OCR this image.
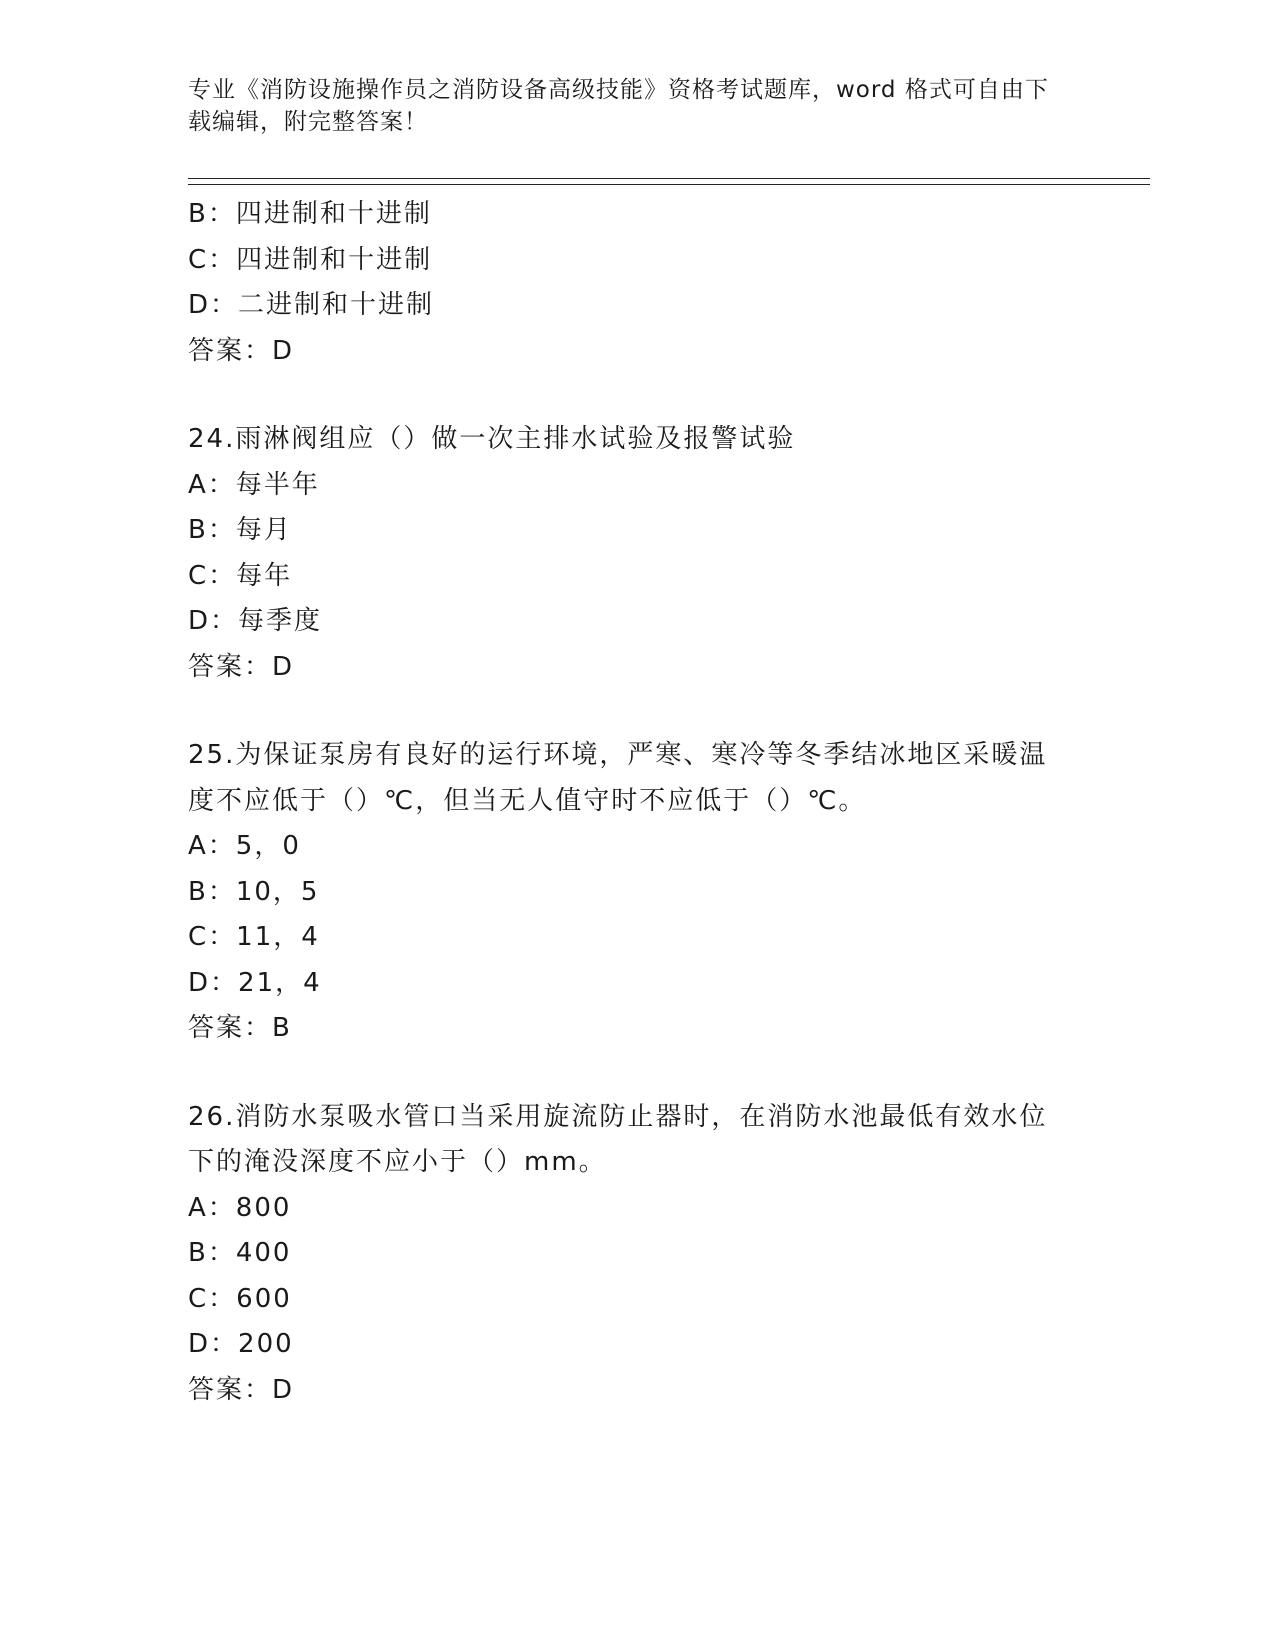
专业《消防设施操作员之消防设备高级技能》资格考试题库，word 格式可自由下
载编辑，附完整答案！
B：四进制和十进制
C：四进制和十进制
D：二进制和十进制
答案：D
24.雨淋阀组应（）做一次主排水试验及报警试验
A：每半年
B：每月
C：每年
D：每季度
答案：D
25.为保证泵房有良好的运行环境，严寒、寒冷等冬季结冰地区采暖温
度不应低于（）℃，但当无人值守时不应低于（）℃。
A：5，0
B：10，5
C：11，4
D：21，4
答案：B
26.消防水泵吸水管口当采用旋流防止器时，在消防水池最低有效水位
下的淹没深度不应小于（）mm。
A：800
B：400
C：600
D：200
答案：D
